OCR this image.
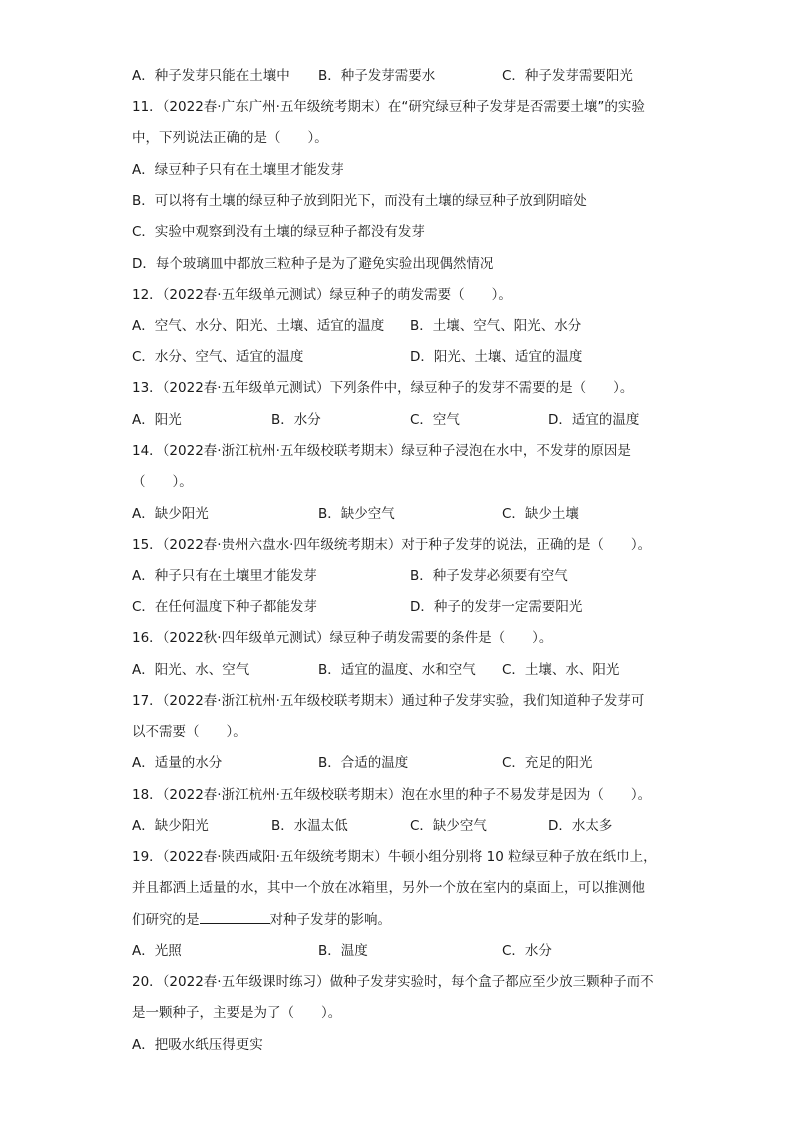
A．种子发芽只能在土壤中 B．种子发芽需要水	C．种子发芽需要阳光
11．（2022春·广东广州·五年级统考期末）在“研究绿豆种子发芽是否需要土壤”的实验
中，下列说法正确的是（　　）。
A．绿豆种子只有在土壤里才能发芽
B．可以将有土壤的绿豆种子放到阳光下，而没有土壤的绿豆种子放到阴暗处
C．实验中观察到没有土壤的绿豆种子都没有发芽
D．每个玻璃皿中都放三粒种子是为了避免实验出现偶然情况
12．（2022春·五年级单元测试）绿豆种子的萌发需要（　　）。
A．空气、水分、阳光、土壤、适宜的温度 B．土壤、空气、阳光、水分
C．水分、空气、适宜的温度	D．阳光、土壤、适宜的温度
13．（2022春·五年级单元测试）下列条件中，绿豆种子的发芽不需要的是（　　）。
A．阳光	B．水分	C．空气	D．适宜的温度
14．（2022春·浙江杭州·五年级校联考期末）绿豆种子浸泡在水中，不发芽的原因是
（　　）。
A．缺少阳光	B．缺少空气	C．缺少土壤
15．（2022春·贵州六盘水·四年级统考期末）对于种子发芽的说法，正确的是（　　）。
A．种子只有在土壤里才能发芽	B．种子发芽必须要有空气
C．在任何温度下种子都能发芽	D．种子的发芽一定需要阳光
16．（2022秋·四年级单元测试）绿豆种子萌发需要的条件是（　　）。
A．阳光、水、空气	B．适宜的温度、水和空气 C．土壤、水、阳光
17．（2022春·浙江杭州·五年级校联考期末）通过种子发芽实验，我们知道种子发芽可
以不需要（　　）。
A．适量的水分	B．合适的温度	C．充足的阳光
18．（2022春·浙江杭州·五年级校联考期末）泡在水里的种子不易发芽是因为（　　）。
A．缺少阳光	B．水温太低	C．缺少空气	D．水太多
19．（2022春·陕西咸阳·五年级统考期末）牛顿小组分别将 10 粒绿豆种子放在纸巾上，
并且都洒上适量的水，其中一个放在冰箱里，另外一个放在室内的桌面上，可以推测他
们研究的是	对种子发芽的影响。
A．光照	B．温度	C．水分
20．（2022春·五年级课时练习）做种子发芽实验时，每个盒子都应至少放三颗种子而不
是一颗种子，主要是为了（　　）。
A．把吸水纸压得更实
